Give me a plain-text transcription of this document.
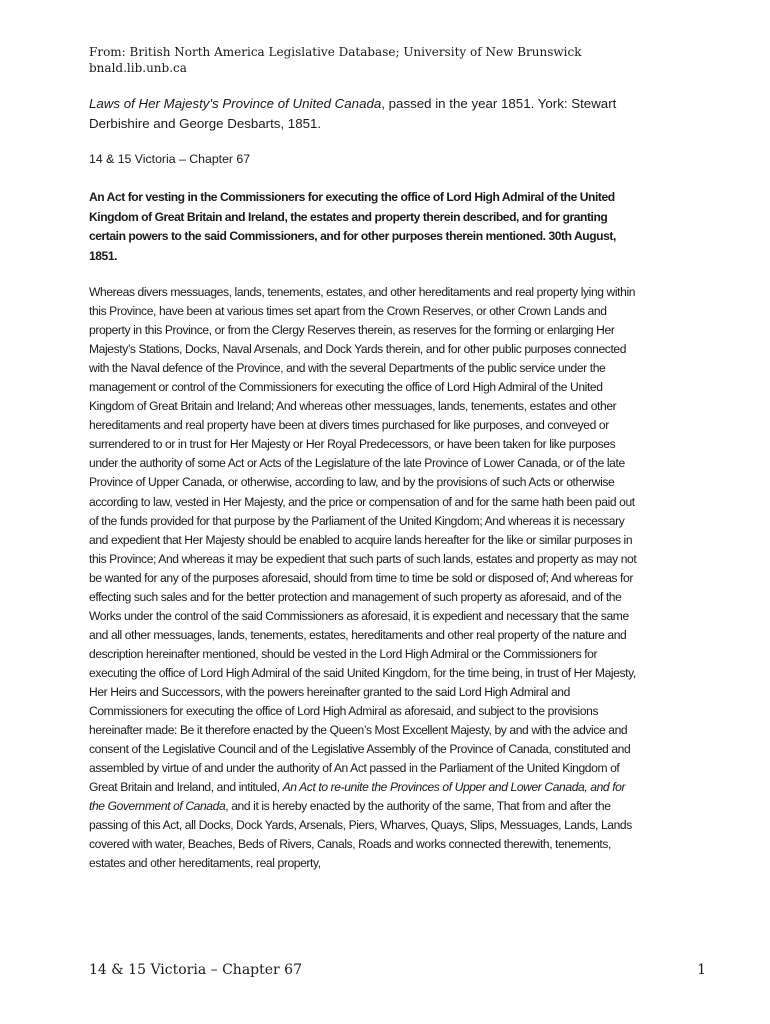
From: British North America Legislative Database; University of New Brunswick
bnald.lib.unb.ca
Laws of Her Majesty's Province of United Canada, passed in the year 1851. York: Stewart Derbishire and George Desbarts, 1851.
14 & 15 Victoria – Chapter 67
An Act for vesting in the Commissioners for executing the office of Lord High Admiral of the United Kingdom of Great Britain and Ireland, the estates and property therein described, and for granting certain powers to the said Commissioners, and for other purposes therein mentioned. 30th August, 1851.
Whereas divers messuages, lands, tenements, estates, and other hereditaments and real property lying within this Province, have been at various times set apart from the Crown Reserves, or other Crown Lands and property in this Province, or from the Clergy Reserves therein, as reserves for the forming or enlarging Her Majesty’s Stations, Docks, Naval Arsenals, and Dock Yards therein, and for other public purposes connected with the Naval defence of the Province, and with the several Departments of the public service under the management or control of the Commissioners for executing the office of Lord High Admiral of the United Kingdom of Great Britain and Ireland; And whereas other messuages, lands, tenements, estates and other hereditaments and real property have been at divers times purchased for like purposes, and conveyed or surrendered to or in trust for Her Majesty or Her Royal Predecessors, or have been taken for like purposes under the authority of some Act or Acts of the Legislature of the late Province of Lower Canada, or of the late Province of Upper Canada, or otherwise, according to law, and by the provisions of such Acts or otherwise according to law, vested in Her Majesty, and the price or compensation of and for the same hath been paid out of the funds provided for that purpose by the Parliament of the United Kingdom; And whereas it is necessary and expedient that Her Majesty should be enabled to acquire lands hereafter for the like or similar purposes in this Province; And whereas it may be expedient that such parts of such lands, estates and property as may not be wanted for any of the purposes aforesaid, should from time to time be sold or disposed of; And whereas for effecting such sales and for the better protection and management of such property as aforesaid, and of the Works under the control of the said Commissioners as aforesaid, it is expedient and necessary that the same and all other messuages, lands, tenements, estates, hereditaments and other real property of the nature and description hereinafter mentioned, should be vested in the Lord High Admiral or the Commissioners for executing the office of Lord High Admiral of the said United Kingdom, for the time being, in trust of Her Majesty, Her Heirs and Successors, with the powers hereinafter granted to the said Lord High Admiral and Commissioners for executing the office of Lord High Admiral as aforesaid, and subject to the provisions hereinafter made: Be it therefore enacted by the Queen’s Most Excellent Majesty, by and with the advice and consent of the Legislative Council and of the Legislative Assembly of the Province of Canada, constituted and assembled by virtue of and under the authority of An Act passed in the Parliament of the United Kingdom of Great Britain and Ireland, and intituled, An Act to re-unite the Provinces of Upper and Lower Canada, and for the Government of Canada, and it is hereby enacted by the authority of the same, That from and after the passing of this Act, all Docks, Dock Yards, Arsenals, Piers, Wharves, Quays, Slips, Messuages, Lands, Lands covered with water, Beaches, Beds of Rivers, Canals, Roads and works connected therewith, tenements, estates and other hereditaments, real property,
14 & 15 Victoria – Chapter 67	1
